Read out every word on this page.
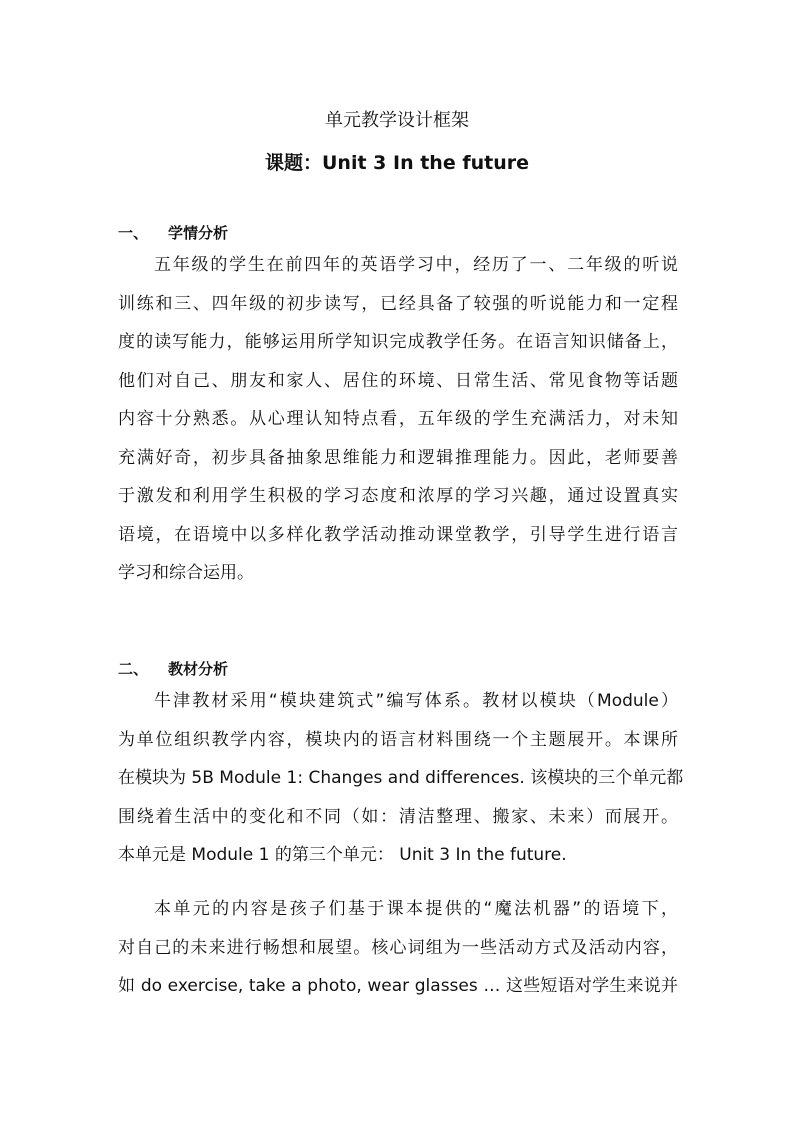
单元教学设计框架
课题：Unit 3 In the future
一、 学情分析
五年级的学生在前四年的英语学习中，经历了一、二年级的听说
训练和三、四年级的初步读写，已经具备了较强的听说能力和一定程
度的读写能力，能够运用所学知识完成教学任务。在语言知识储备上，
他们对自己、朋友和家人、居住的环境、日常生活、常见食物等话题
内容十分熟悉。从心理认知特点看，五年级的学生充满活力，对未知
充满好奇，初步具备抽象思维能力和逻辑推理能力。因此，老师要善
于激发和利用学生积极的学习态度和浓厚的学习兴趣，通过设置真实
语境，在语境中以多样化教学活动推动课堂教学，引导学生进行语言
学习和综合运用。
二、 教材分析
牛津教材采用“模块建筑式”编写体系。教材以模块（Module）
为单位组织教学内容，模块内的语言材料围绕一个主题展开。本课所
在模块为 5B Module 1: Changes and differences. 该模块的三个单元都
围绕着生活中的变化和不同（如：清洁整理、搬家、未来）而展开。
本单元是 Module 1 的第三个单元： Unit 3 In the future.
本单元的内容是孩子们基于课本提供的“魔法机器”的语境下，
对自己的未来进行畅想和展望。核心词组为一些活动方式及活动内容，
如 do exercise, take a photo, wear glasses … 这些短语对学生来说并
